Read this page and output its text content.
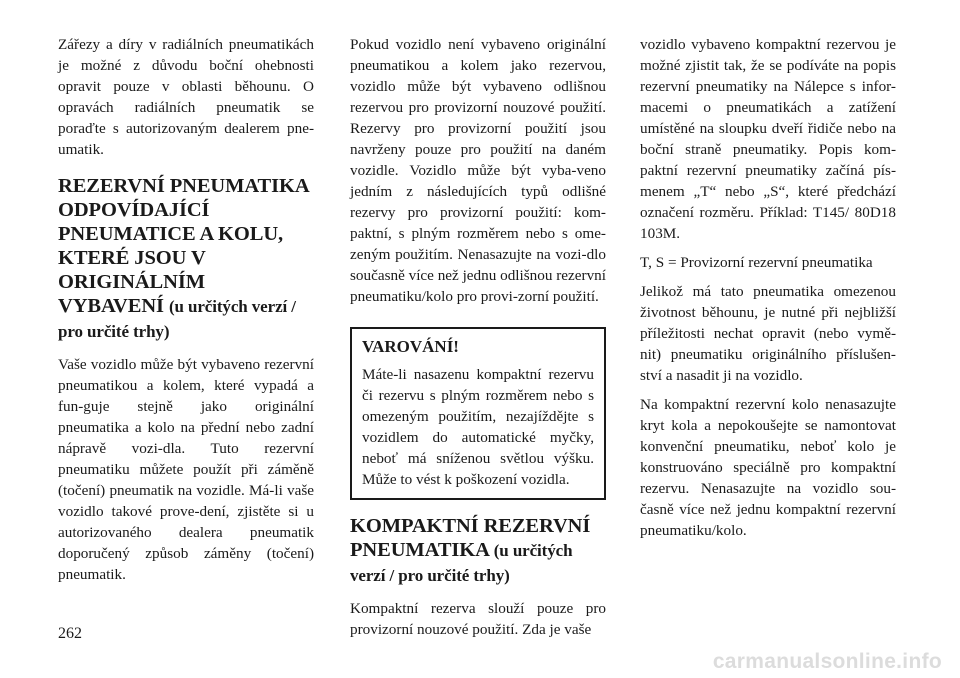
Zářezy a díry v radiálních pneumatikách je možné z důvodu boční ohebnosti opravit pouze v oblasti běhounu. O opravách radiálních pneumatik se poraďte s autorizovaným dealerem pne-umatik.

REZERVNÍ PNEUMATIKA ODPOVÍDAJÍCÍ PNEUMATICE A KOLU, KTERÉ JSOU V ORIGINÁLNÍM VYBAVENÍ (u určitých verzí / pro určité trhy)

Vaše vozidlo může být vybaveno rezervní pneumatikou a kolem, které vypadá a fun-guje stejně jako originální pneumatika a kolo na přední nebo zadní nápravě vozi-dla. Tuto rezervní pneumatiku můžete použít při záměně (točení) pneumatik na vozidle. Má-li vaše vozidlo takové prove-dení, zjistěte si u autorizovaného dealera pneumatik doporučený způsob záměny (točení) pneumatik.

Pokud vozidlo není vybaveno originální pneumatikou a kolem jako rezervou, vozidlo může být vybaveno odlišnou rezervou pro provizorní nouzové použití. Rezervy pro provizorní použití jsou navrženy pouze pro použití na daném vozidle. Vozidlo může být vyba-veno jedním z následujících typů odlišné rezervy pro provizorní použití: kom-paktní, s plným rozměrem nebo s ome-zeným použitím. Nenasazujte na vozi-dlo současně více než jednu odlišnou rezervní pneumatiku/kolo pro provi-zorní použití.

VAROVÁNÍ!

Máte-li nasazenu kompaktní rezervu či rezervu s plným rozměrem nebo s omezeným použitím, nezajíždějte s vozidlem do automatické myčky, neboť má sníženou světlou výšku. Může to vést k poškození vozidla.

KOMPAKTNÍ REZERVNÍ PNEUMATIKA (u určitých verzí / pro určité trhy)

Kompaktní rezerva slouží pouze pro provizorní nouzové použití. Zda je vaše

vozidlo vybaveno kompaktní rezervou je možné zjistit tak, že se podíváte na popis rezervní pneumatiky na Nálepce s infor-macemi o pneumatikách a zatížení umístěné na sloupku dveří řidiče nebo na boční straně pneumatiky. Popis kom-paktní rezervní pneumatiky začíná pís-menem „T“ nebo „S“, které předchází označení rozměru. Příklad: T145/ 80D18 103M.

T, S = Provizorní rezervní pneumatika

Jelikož má tato pneumatika omezenou životnost běhounu, je nutné při nejbližší příležitosti nechat opravit (nebo vymě-nit) pneumatiku originálního příslušen-ství a nasadit ji na vozidlo.

Na kompaktní rezervní kolo nenasazujte kryt kola a nepokoušejte se namontovat konvenční pneumatiku, neboť kolo je konstruováno speciálně pro kompaktní rezervu. Nenasazujte na vozidlo sou-časně více než jednu kompaktní rezervní pneumatiku/kolo.

262
carmanualsonline.info
